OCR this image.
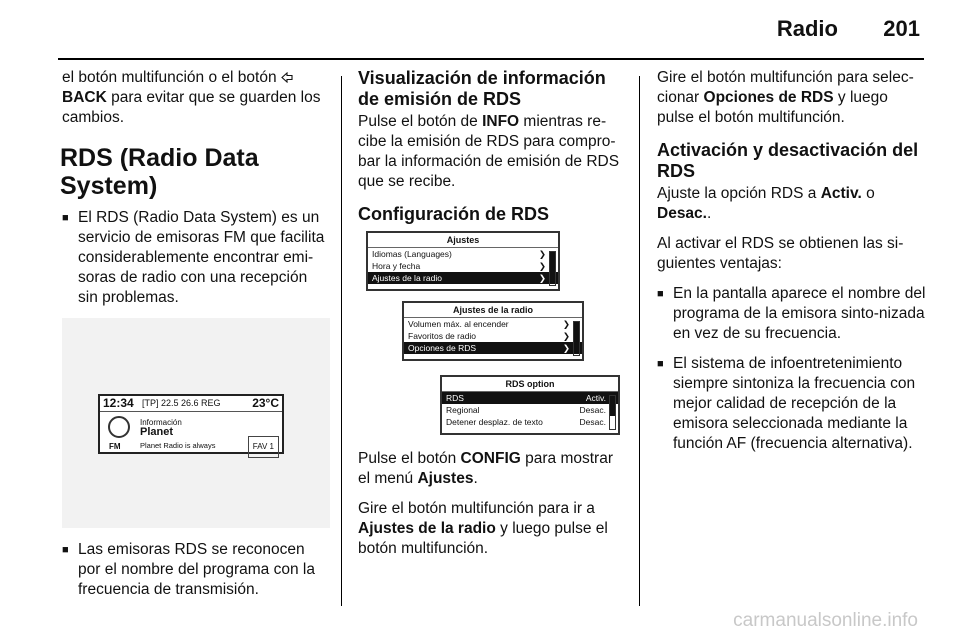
Radio 201

el botón multifunción o el botón  BACK para evitar que se guarden los cambios.

RDS (Radio Data System)
■ El RDS (Radio Data System) es un servicio de emisoras FM que facilita considerablemente encontrar emi-soras de radio con una recepción sin problemas.
12:34 [TP] 22.5 26.6 REG	23°C
FM
Información
Planet
Planet Radio is always	FAV 1
■ Las emisoras RDS se reconocen por el nombre del programa con la frecuencia de transmisión.
Visualización de información de emisión de RDS

Pulse el botón de INFO mientras re-cibe la emisión de RDS para compro-bar la información de emisión de RDS que se recibe.

Configuración de RDS
Ajustes
Idiomas (Languages)	❯
Hora y fecha	❯
Ajustes de la radio	❯
Ajustes de la radio
Volumen máx. al encender	❯
Favoritos de radio	❯
Opciones de RDS	❯
RDS option
RDS	Activ.
Regional	Desac.
Detener desplaz. de texto	Desac.

Pulse el botón CONFIG para mostrar el menú Ajustes.

Gire el botón multifunción para ir a Ajustes de la radio y luego pulse el botón multifunción.

Gire el botón multifunción para selec-cionar Opciones de RDS y luego pulse el botón multifunción.

Activación y desactivación del RDS

Ajuste la opción RDS a Activ. o Desac..

Al activar el RDS se obtienen las si-guientes ventajas:

■ En la pantalla aparece el nombre del programa de la emisora sinto-nizada en vez de su frecuencia.
■ El sistema de infoentretenimiento siempre sintoniza la frecuencia con mejor calidad de recepción de la emisora seleccionada mediante la función AF (frecuencia alternativa).
carmanualsonline.info
